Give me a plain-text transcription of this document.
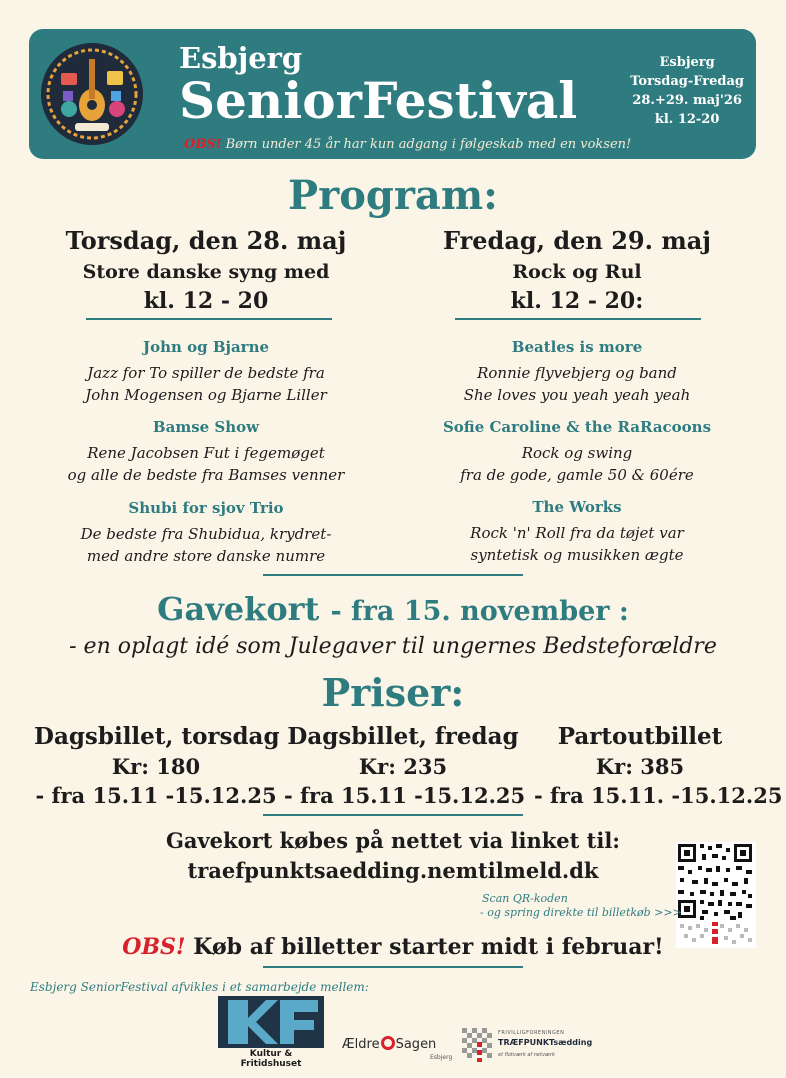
Esbjerg
SeniorFestival
OBS! Børn under 45 år har kun adgang i følgeskab med en voksen!
Esbjerg
Torsdag-Fredag
28.+29. maj'26
kl. 12-20
Program:
Torsdag, den 28. maj
Store danske syng med
kl. 12 - 20
John og Bjarne
Jazz for To spiller de bedste fra
John Mogensen og Bjarne Liller
Bamse Show
Rene Jacobsen Fut i fegemøget
og alle de bedste fra Bamses venner
Shubi for sjov Trio
De bedste fra Shubidua, krydret-
med andre store danske numre
Fredag, den 29. maj
Rock og Rul
kl. 12 - 20:
Beatles is more
Ronnie flyvebjerg og band
She loves you yeah yeah yeah
Sofie Caroline & the RaRacoons
Rock og swing
fra de gode, gamle 50 & 60ére
The Works
Rock 'n' Roll fra da tøjet var
syntetisk og musikken ægte
Gavekort - fra 15. november :
- en oplagt idé som Julegaver til ungernes Bedsteforældre
Priser:
Dagsbillet, torsdag
Kr: 180
- fra 15.11 -15.12.25
Dagsbillet, fredag
Kr: 235
- fra 15.11 -15.12.25
Partoutbillet
Kr: 385
- fra 15.11. -15.12.25
Gavekort købes på nettet via linket til:
traefpunktsaedding.nemtilmeld.dk
Scan QR-koden
- og spring direkte til billetkøb >>>
OBS! Køb af billetter starter midt i februar!
Esbjerg SeniorFestival afvikles i et samarbejde mellem:
Kultur & Fritidshuset
Ældre Sagen
Esbjerg
FRIVILLIGFORENINGEN
TRÆFPUNKTsædding
et flotværk af netværk
